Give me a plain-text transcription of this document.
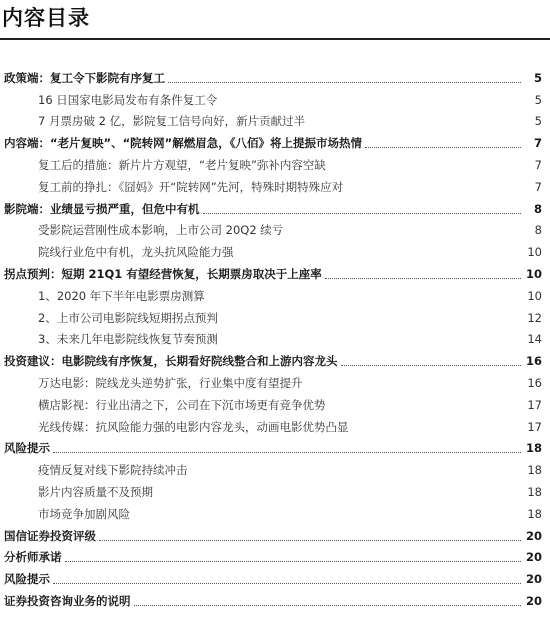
内容目录
政策端：复工令下影院有序复工	5
16 日国家电影局发布有条件复工令	5
7 月票房破 2 亿，影院复工信号向好，新片贡献过半	5
内容端：“老片复映”、“院转网”解燃眉急，《八佰》将上提振市场热情	7
复工后的措施：新片片方观望，“老片复映”弥补内容空缺	7
复工前的挣扎：《囧妈》开“院转网”先河，特殊时期特殊应对	7
影院端：业绩显亏损严重，但危中有机	8
受影院运营刚性成本影响，上市公司 20Q2 续亏	8
院线行业危中有机，龙头抗风险能力强	10
拐点预判：短期 21Q1 有望经营恢复，长期票房取决于上座率	10
1、2020 年下半年电影票房测算	10
2、上市公司电影院线短期拐点预判	12
3、未来几年电影院线恢复节奏预测	14
投资建议：电影院线有序恢复，长期看好院线整合和上游内容龙头	16
万达电影：院线龙头逆势扩张，行业集中度有望提升	16
横店影视：行业出清之下，公司在下沉市场更有竞争优势	17
光线传媒：抗风险能力强的电影内容龙头，动画电影优势凸显	17
风险提示	18
疫情反复对线下影院持续冲击	18
影片内容质量不及预期	18
市场竞争加剧风险	18
国信证券投资评级	20
分析师承诺	20
风险提示	20
证券投资咨询业务的说明	20
